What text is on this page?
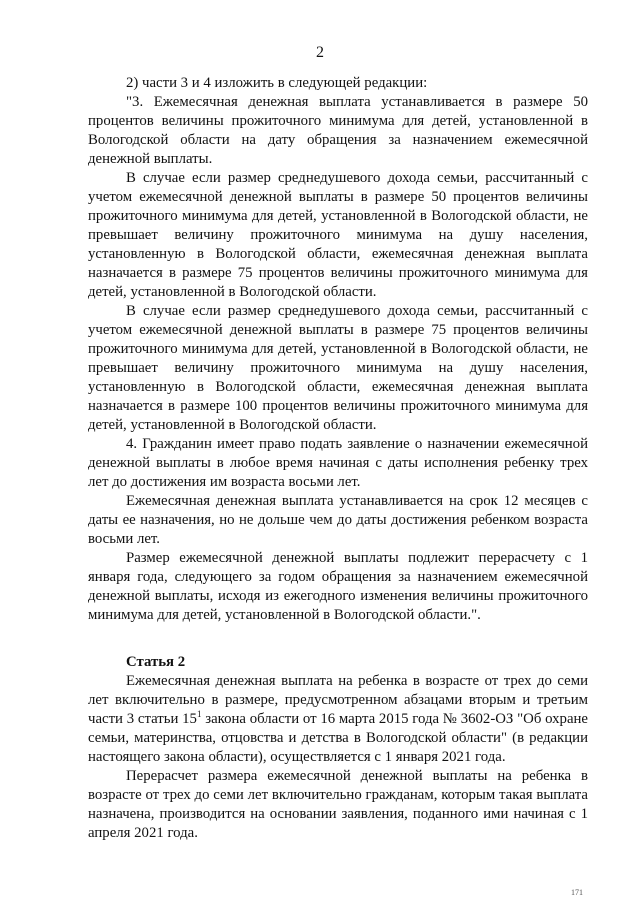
2

2) части 3 и 4 изложить в следующей редакции:

"3. Ежемесячная денежная выплата устанавливается в размере 50 процентов величины прожиточного минимума для детей, установленной в Вологодской области на дату обращения за назначением ежемесячной денежной выплаты.

В случае если размер среднедушевого дохода семьи, рассчитанный с учетом ежемесячной денежной выплаты в размере 50 процентов величины прожиточного минимума для детей, установленной в Вологодской области, не превышает величину прожиточного минимума на душу населения, установленную в Вологодской области, ежемесячная денежная выплата назначается в размере 75 процентов величины прожиточного минимума для детей, установленной в Вологодской области.

В случае если размер среднедушевого дохода семьи, рассчитанный с учетом ежемесячной денежной выплаты в размере 75 процентов величины прожиточного минимума для детей, установленной в Вологодской области, не превышает величину прожиточного минимума на душу населения, установленную в Вологодской области, ежемесячная денежная выплата назначается в размере 100 процентов величины прожиточного минимума для детей, установленной в Вологодской области.

4. Гражданин имеет право подать заявление о назначении ежемесячной денежной выплаты в любое время начиная с даты исполнения ребенку трех лет до достижения им возраста восьми лет.

Ежемесячная денежная выплата устанавливается на срок 12 месяцев с даты ее назначения, но не дольше чем до даты достижения ребенком возраста восьми лет.

Размер ежемесячной денежной выплаты подлежит перерасчету с 1 января года, следующего за годом обращения за назначением ежемесячной денежной выплаты, исходя из ежегодного изменения величины прожиточного минимума для детей, установленной в Вологодской области.".

Статья 2

Ежемесячная денежная выплата на ребенка в возрасте от трех до семи лет включительно в размере, предусмотренном абзацами вторым и третьим части 3 статьи $15^1$ закона области от 16 марта 2015 года № 3602-ОЗ "Об охране семьи, материнства, отцовства и детства в Вологодской области" (в редакции настоящего закона области), осуществляется с 1 января 2021 года.

Перерасчет размера ежемесячной денежной выплаты на ребенка в возрасте от трех до семи лет включительно гражданам, которым такая выплата назначена, производится на основании заявления, поданного ими начиная с 1 апреля 2021 года.

171
